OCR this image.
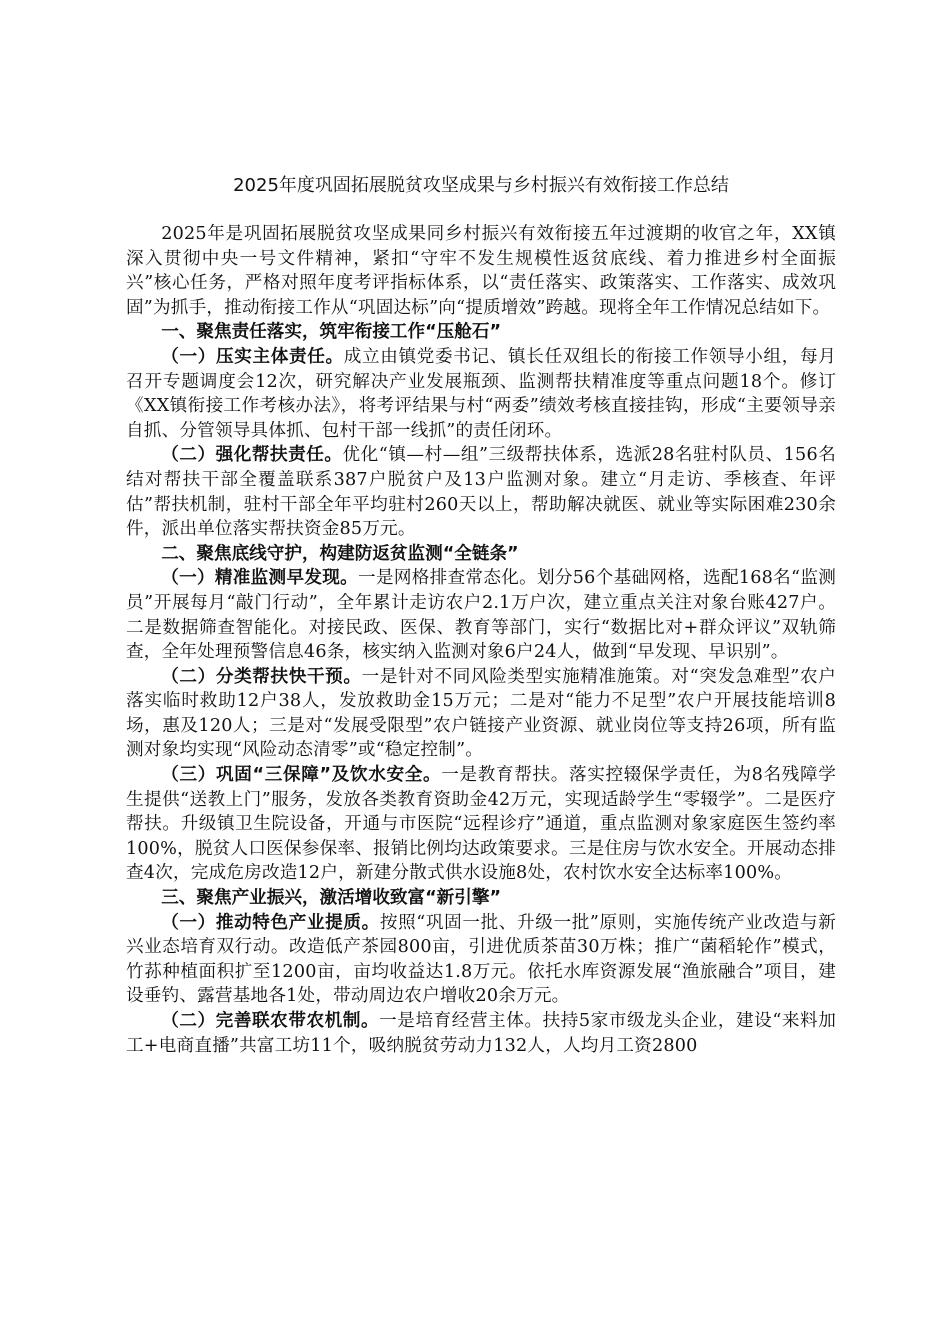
2025年度巩固拓展脱贫攻坚成果与乡村振兴有效衔接工作总结

2025年是巩固拓展脱贫攻坚成果同乡村振兴有效衔接五年过渡期的收官之年，XX镇深入贯彻中央一号文件精神，紧扣“守牢不发生规模性返贫底线、着力推进乡村全面振兴”核心任务，严格对照年度考评指标体系，以“责任落实、政策落实、工作落实、成效巩固”为抓手，推动衔接工作从“巩固达标”向“提质增效”跨越。现将全年工作情况总结如下。

一、聚焦责任落实，筑牢衔接工作“压舱石”

（一）压实主体责任。成立由镇党委书记、镇长任双组长的衔接工作领导小组，每月召开专题调度会12次，研究解决产业发展瓶颈、监测帮扶精准度等重点问题18个。修订《XX镇衔接工作考核办法》，将考评结果与村“两委”绩效考核直接挂钩，形成“主要领导亲自抓、分管领导具体抓、包村干部一线抓”的责任闭环。

（二）强化帮扶责任。优化“镇—村—组”三级帮扶体系，选派28名驻村队员、156名结对帮扶干部全覆盖联系387户脱贫户及13户监测对象。建立“月走访、季核查、年评估”帮扶机制，驻村干部全年平均驻村260天以上，帮助解决就医、就业等实际困难230余件，派出单位落实帮扶资金85万元。

二、聚焦底线守护，构建防返贫监测“全链条”

（一）精准监测早发现。一是网格排查常态化。划分56个基础网格，选配168名“监测员”开展每月“敲门行动”，全年累计走访农户2.1万户次，建立重点关注对象台账427户。二是数据筛查智能化。对接民政、医保、教育等部门，实行“数据比对+群众评议”双轨筛查，全年处理预警信息46条，核实纳入监测对象6户24人，做到“早发现、早识别”。

（二）分类帮扶快干预。一是针对不同风险类型实施精准施策。对“突发急难型”农户落实临时救助12户38人，发放救助金15万元；二是对“能力不足型”农户开展技能培训8场，惠及120人；三是对“发展受限型”农户链接产业资源、就业岗位等支持26项，所有监测对象均实现“风险动态清零”或“稳定控制”。

（三）巩固“三保障”及饮水安全。一是教育帮扶。落实控辍保学责任，为8名残障学生提供“送教上门”服务，发放各类教育资助金42万元，实现适龄学生“零辍学”。二是医疗帮扶。升级镇卫生院设备，开通与市医院“远程诊疗”通道，重点监测对象家庭医生签约率100%，脱贫人口医保参保率、报销比例均达政策要求。三是住房与饮水安全。开展动态排查4次，完成危房改造12户，新建分散式供水设施8处，农村饮水安全达标率100%。

三、聚焦产业振兴，激活增收致富“新引擎”

（一）推动特色产业提质。按照“巩固一批、升级一批”原则，实施传统产业改造与新兴业态培育双行动。改造低产茶园800亩，引进优质茶苗30万株；推广“菌稻轮作”模式，竹荪种植面积扩至1200亩，亩均收益达1.8万元。依托水库资源发展“渔旅融合”项目，建设垂钓、露营基地各1处，带动周边农户增收20余万元。

（二）完善联农带农机制。一是培育经营主体。扶持5家市级龙头企业，建设“来料加工+电商直播”共富工坊11个，吸纳脱贫劳动力132人，人均月工资2800
